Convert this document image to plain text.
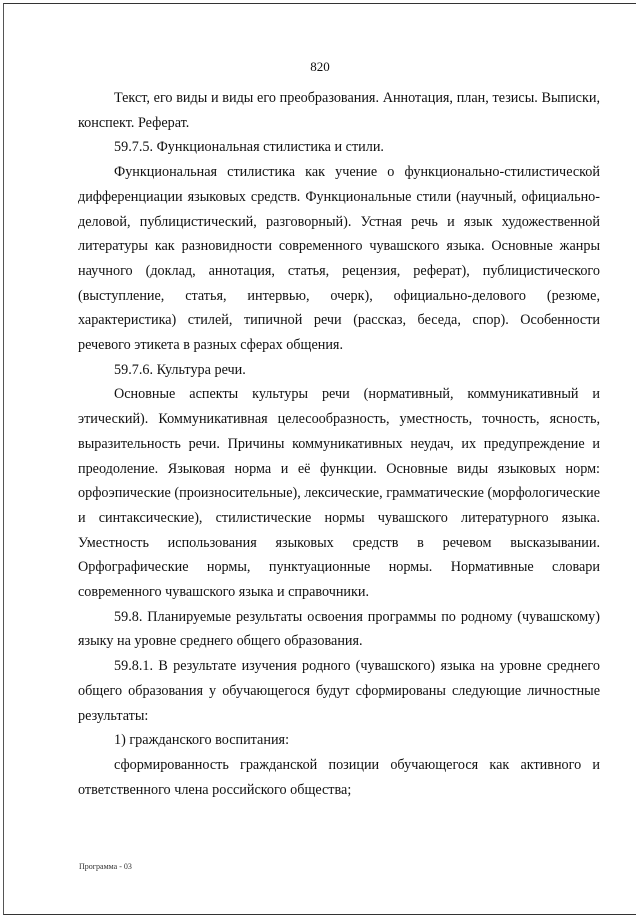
820

Текст, его виды и виды его преобразования. Аннотация, план, тезисы. Выписки, конспект. Реферат.

59.7.5. Функциональная стилистика и стили.

Функциональная стилистика как учение о функционально-стилистической дифференциации языковых средств. Функциональные стили (научный, официально-деловой, публицистический, разговорный). Устная речь и язык художественной литературы как разновидности современного чувашского языка. Основные жанры научного (доклад, аннотация, статья, рецензия, реферат), публицистического (выступление, статья, интервью, очерк), официально-делового (резюме, характеристика) стилей, типичной речи (рассказ, беседа, спор). Особенности речевого этикета в разных сферах общения.

59.7.6. Культура речи.

Основные аспекты культуры речи (нормативный, коммуникативный и этический). Коммуникативная целесообразность, уместность, точность, ясность, выразительность речи. Причины коммуникативных неудач, их предупреждение и преодоление. Языковая норма и её функции. Основные виды языковых норм: орфоэпические (произносительные), лексические, грамматические (морфологические и синтаксические), стилистические нормы чувашского литературного языка. Уместность использования языковых средств в речевом высказывании. Орфографические нормы, пунктуационные нормы. Нормативные словари современного чувашского языка и справочники.

59.8. Планируемые результаты освоения программы по родному (чувашскому) языку на уровне среднего общего образования.

59.8.1. В результате изучения родного (чувашского) языка на уровне среднего общего образования у обучающегося будут сформированы следующие личностные результаты:

1) гражданского воспитания:

сформированность гражданской позиции обучающегося как активного и ответственного члена российского общества;

Программа - 03
